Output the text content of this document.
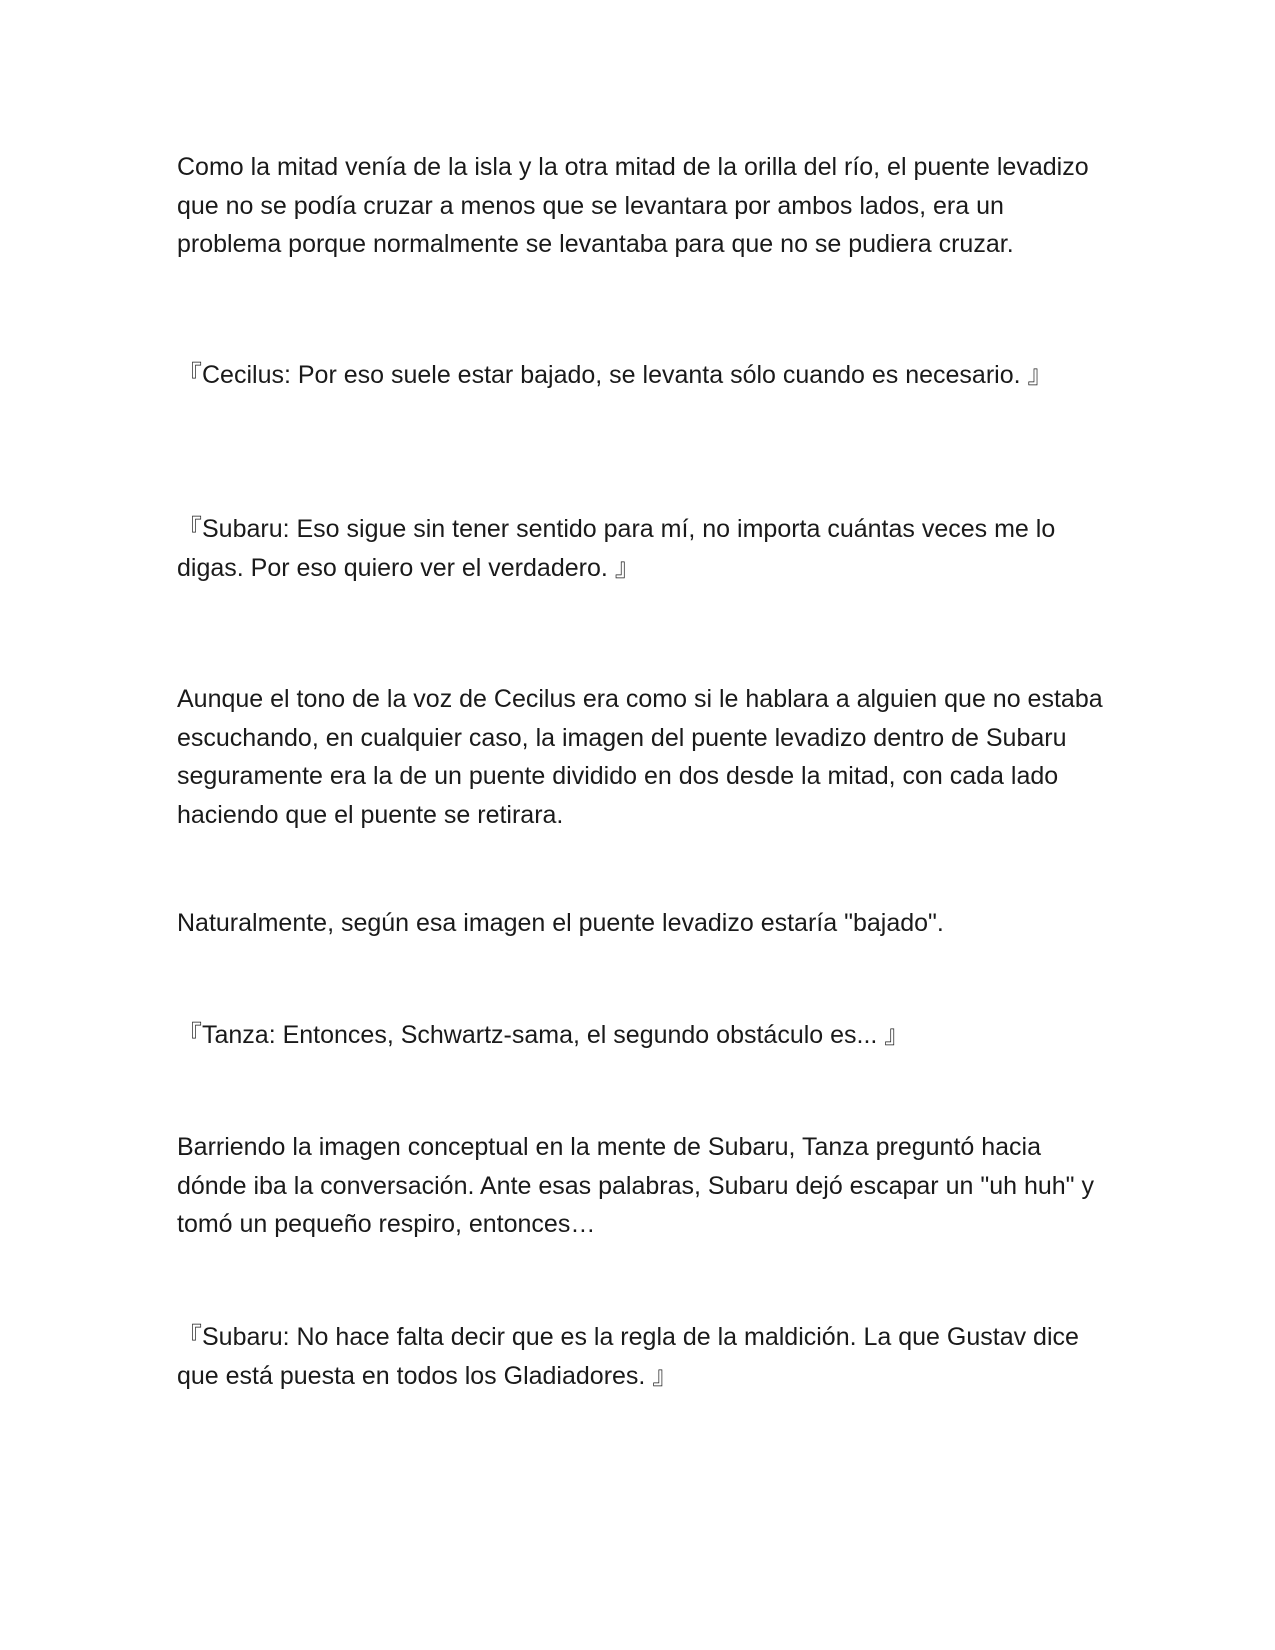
Como la mitad venía de la isla y la otra mitad de la orilla del río, el puente levadizo que no se podía cruzar a menos que se levantara por ambos lados, era un problema porque normalmente se levantaba para que no se pudiera cruzar.

『Cecilus: Por eso suele estar bajado, se levanta sólo cuando es necesario. 』

『Subaru: Eso sigue sin tener sentido para mí, no importa cuántas veces me lo digas. Por eso quiero ver el verdadero. 』

Aunque el tono de la voz de Cecilus era como si le hablara a alguien que no estaba escuchando, en cualquier caso, la imagen del puente levadizo dentro de Subaru seguramente era la de un puente dividido en dos desde la mitad, con cada lado haciendo que el puente se retirara.

Naturalmente, según esa imagen el puente levadizo estaría "bajado".

『Tanza: Entonces, Schwartz-sama, el segundo obstáculo es... 』

Barriendo la imagen conceptual en la mente de Subaru, Tanza preguntó hacia dónde iba la conversación. Ante esas palabras, Subaru dejó escapar un "uh huh" y tomó un pequeño respiro, entonces…

『Subaru: No hace falta decir que es la regla de la maldición. La que Gustav dice que está puesta en todos los Gladiadores. 』
